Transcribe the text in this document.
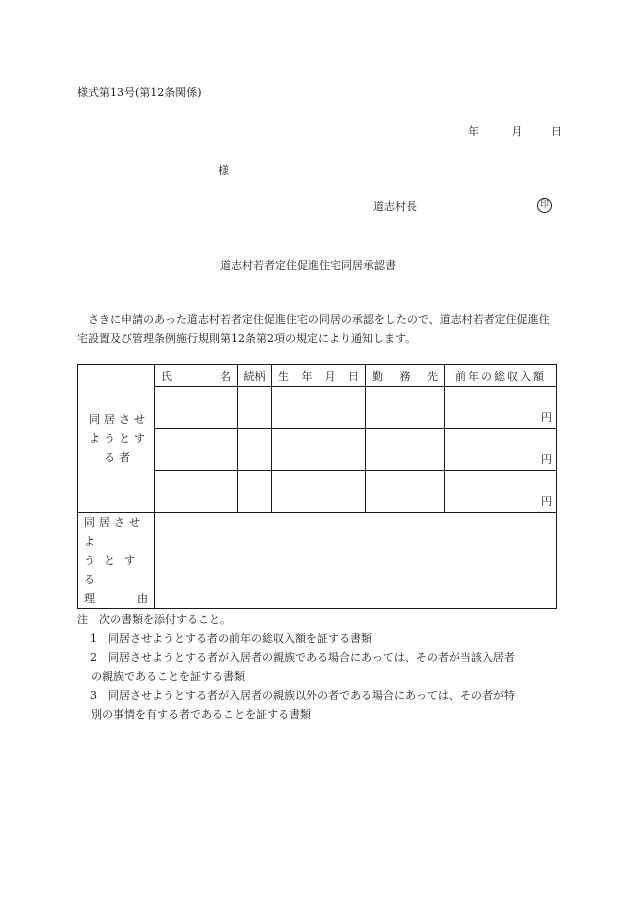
様式第13号(第12条関係)
年	月	日
様
道志村長	印
道志村若者定住促進住宅同居承認書
さきに申請のあった道志村若者定住促進住宅の同居の承認をしたので、道志村若者定住促進住宅設置及び管理条例施行規則第12条第2項の規定により通知します。
同居させようとする者	氏 名	続柄	生 年 月 日	勤 務 先	前年の総収入額
					円
					円
					円

同居させよ
うとする
理 由					

注　次の書類を添付すること。
1　同居させようとする者の前年の総収入額を証する書類
2　同居させようとする者が入居者の親族である場合にあっては、その者が当該入居者
の親族であることを証する書類
3　同居させようとする者が入居者の親族以外の者である場合にあっては、その者が特
別の事情を有する者であることを証する書類
